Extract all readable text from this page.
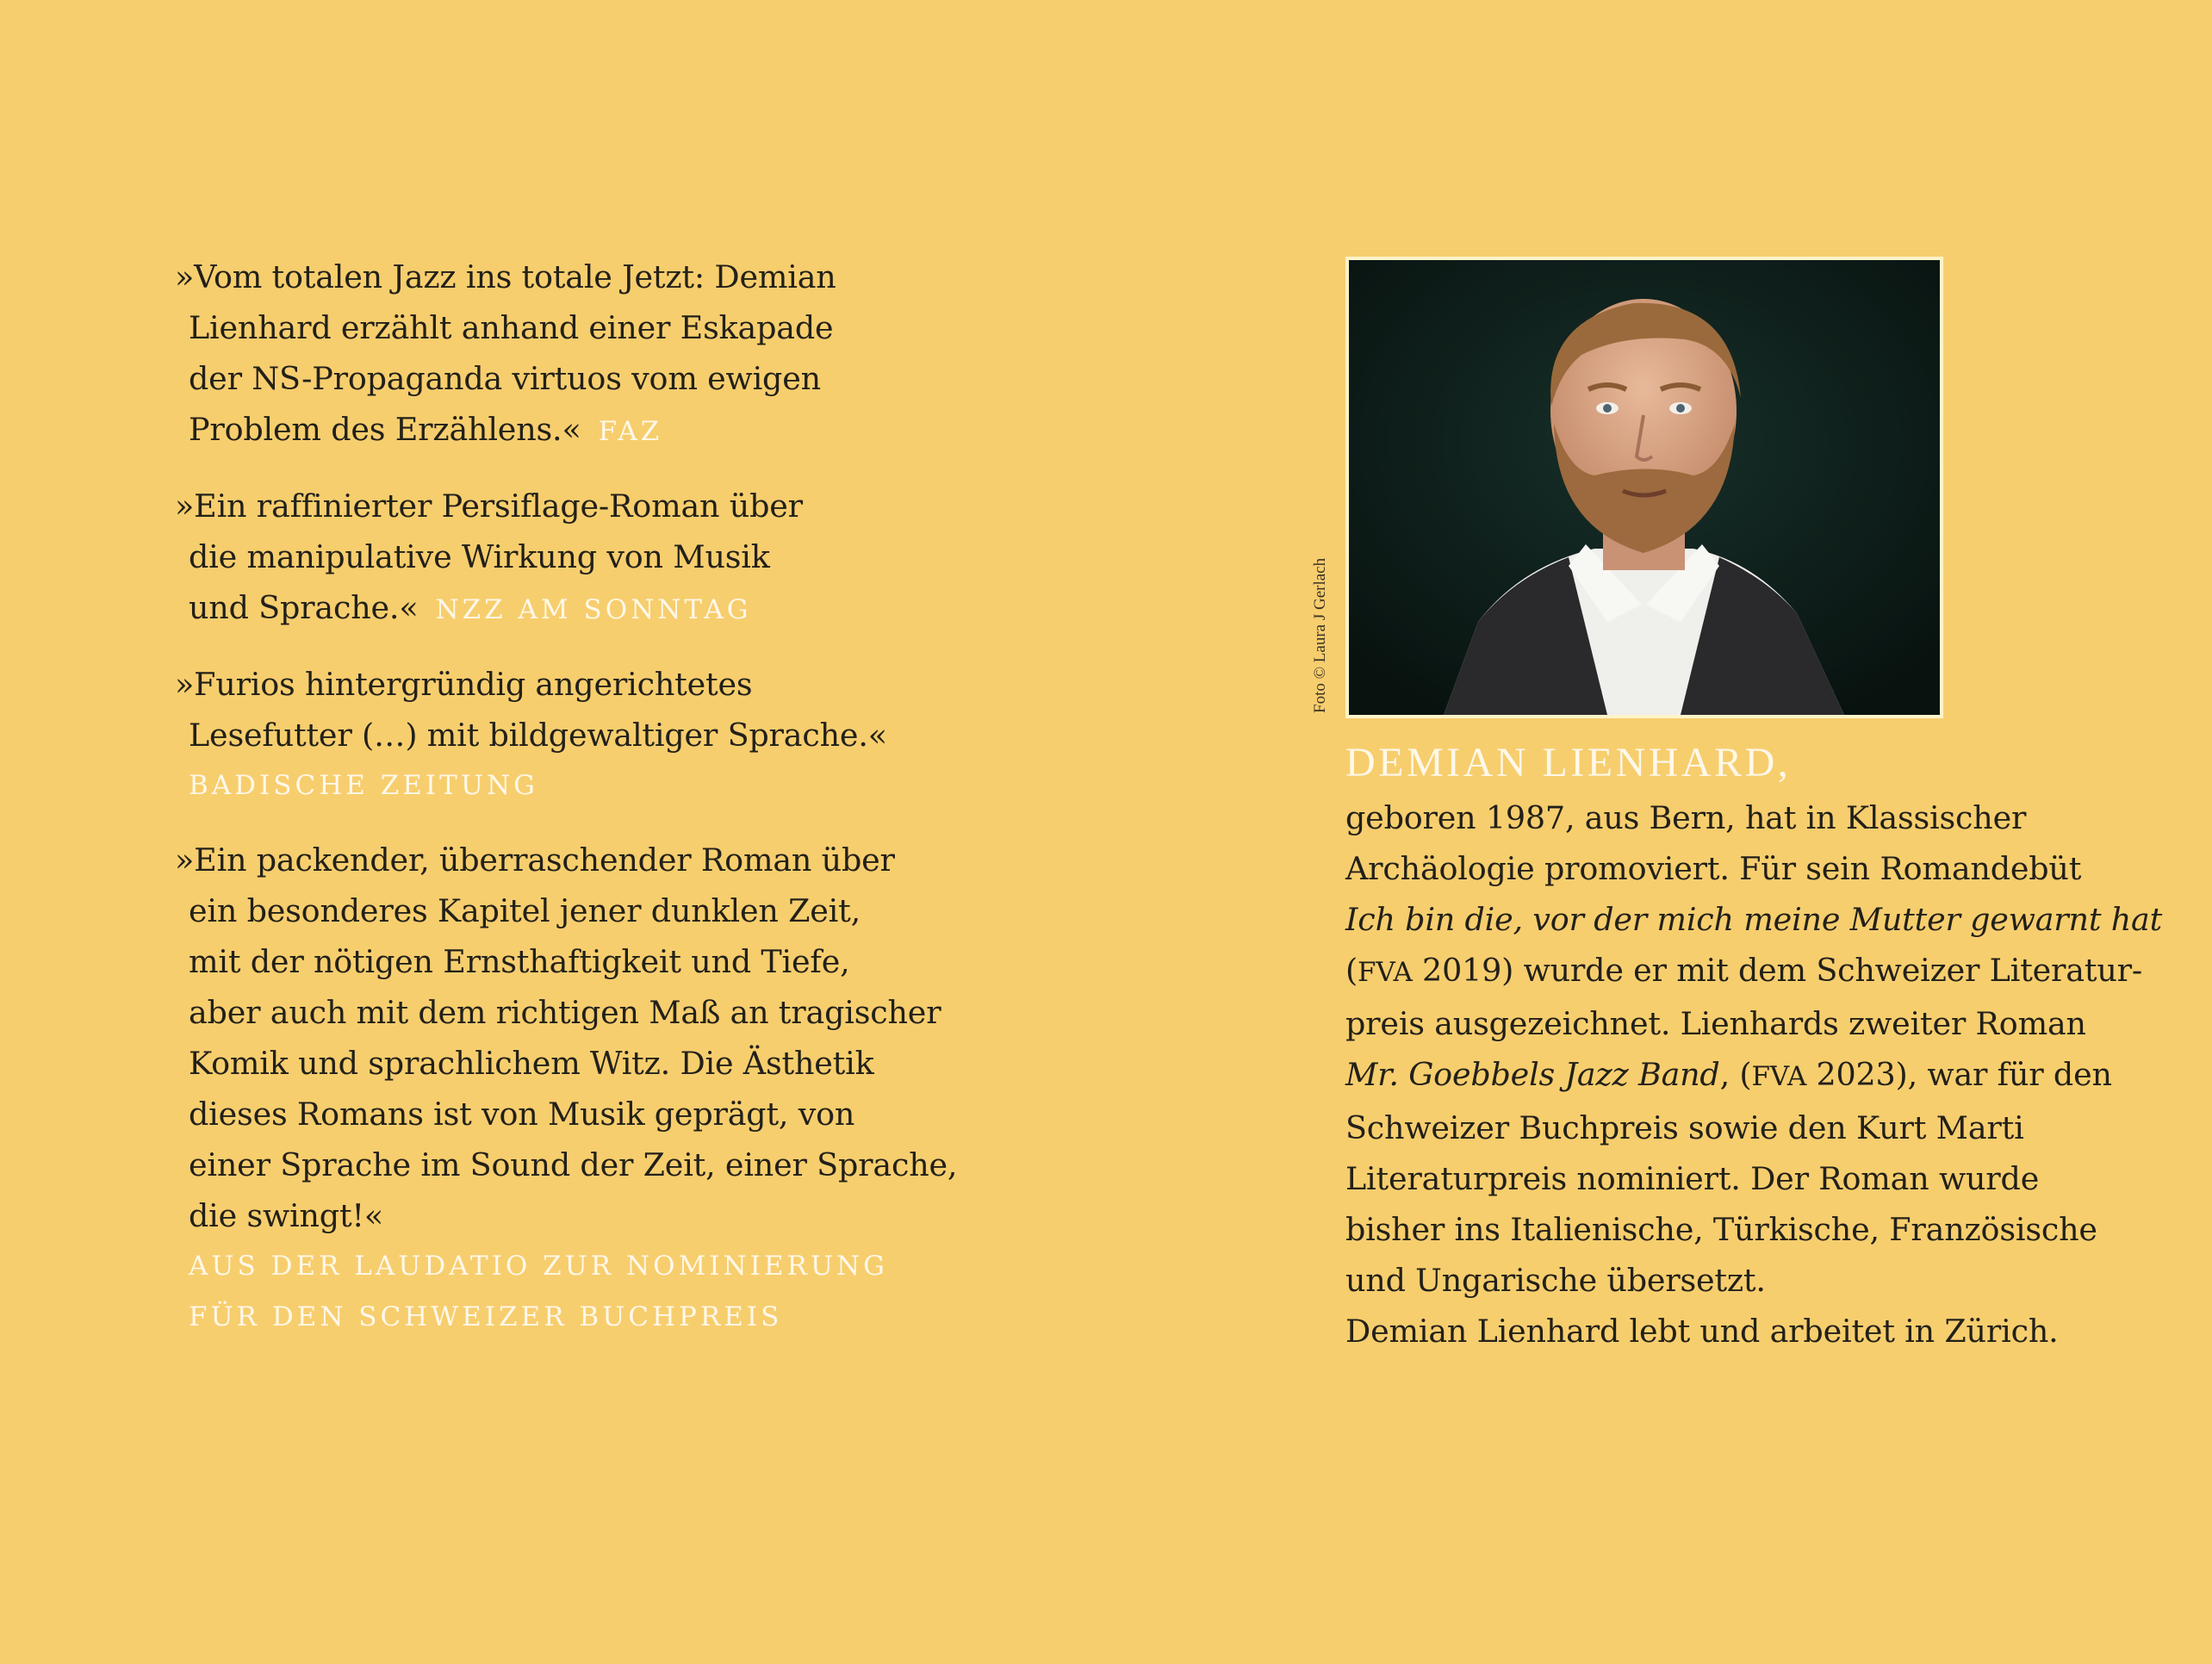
»Vom totalen Jazz ins totale Jetzt: Demian
Lienhard erzählt anhand einer Eskapade
der NS-Propaganda virtuos vom ewigen
Problem des Erzählens.« FAZ
»Ein raffinierter Persiflage-Roman über
die manipulative Wirkung von Musik
und Sprache.« NZZ AM SONNTAG
»Furios hintergründig angerichtetes
Lesefutter (…) mit bildgewaltiger Sprache.«
BADISCHE ZEITUNG
»Ein packender, überraschender Roman über
ein besonderes Kapitel jener dunklen Zeit,
mit der nötigen Ernsthaftigkeit und Tiefe,
aber auch mit dem richtigen Maß an tragischer
Komik und sprachlichem Witz. Die Ästhetik
dieses Romans ist von Musik geprägt, von
einer Sprache im Sound der Zeit, einer Sprache,
die swingt!«
AUS DER LAUDATIO ZUR NOMINIERUNG
FÜR DEN SCHWEIZER BUCHPREIS
Foto © Laura J Gerlach
DEMIAN LIENHARD,
geboren 1987, aus Bern, hat in Klassischer
Archäologie promoviert. Für sein Romandebüt
Ich bin die, vor der mich meine Mutter gewarnt hat
(FVA 2019) wurde er mit dem Schweizer Literatur-
preis ausgezeichnet. Lienhards zweiter Roman
Mr. Goebbels Jazz Band, (FVA 2023), war für den
Schweizer Buchpreis sowie den Kurt Marti
Literaturpreis nominiert. Der Roman wurde
bisher ins Italienische, Türkische, Französische
und Ungarische übersetzt.
Demian Lienhard lebt und arbeitet in Zürich.
